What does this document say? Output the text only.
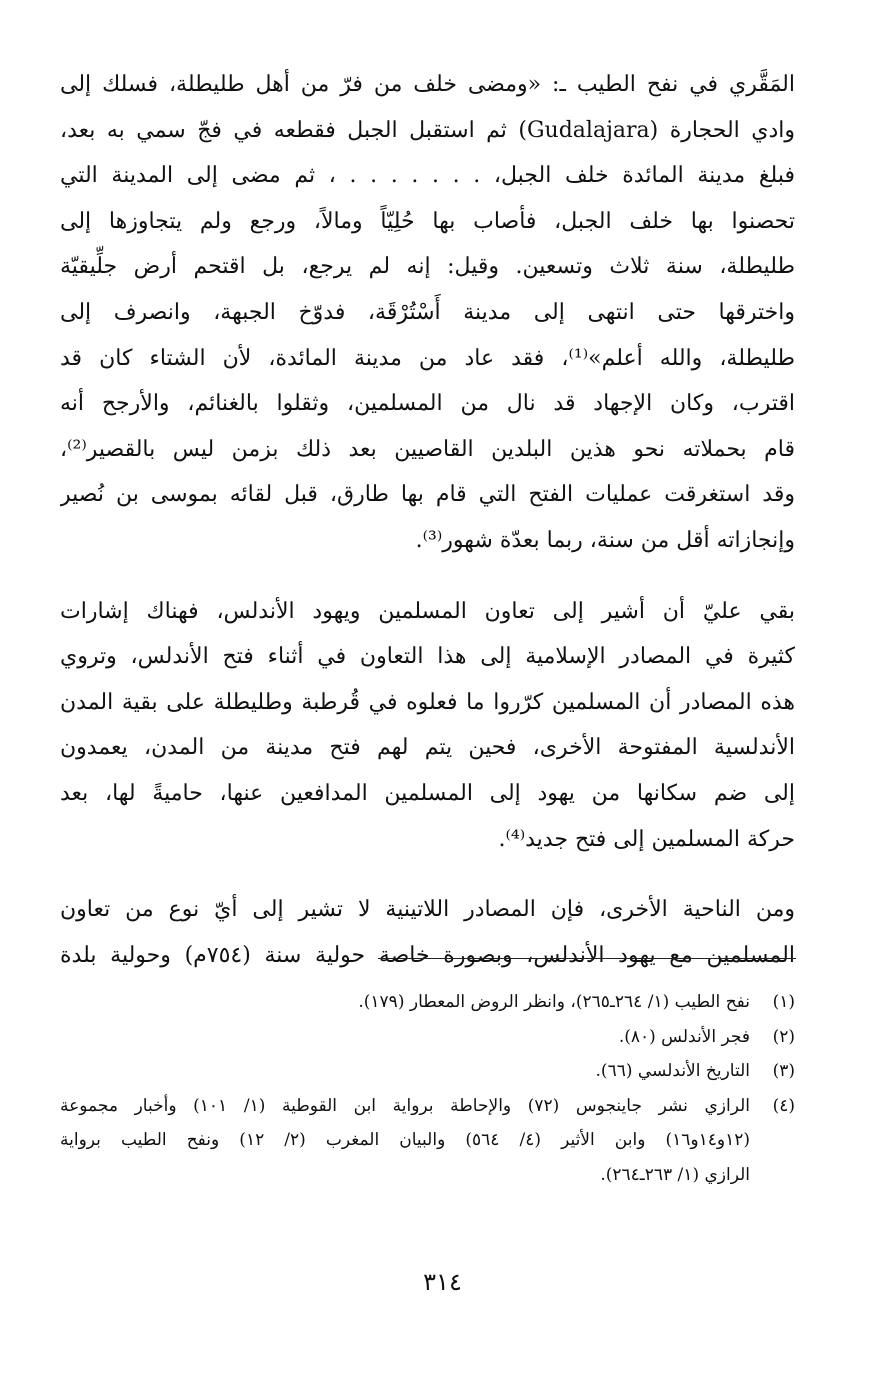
المَقَّري في نفح الطيب ـ: «ومضى خلف من فرّ من أهل طليطلة، فسلك إلى
وادي الحجارة (Gudalajara) ثم استقبل الجبل فقطعه في فجّ سمي به بعد،
فبلغ مدينة المائدة خلف الجبل، . . . . . . . ، ثم مضى إلى المدينة التي
تحصنوا بها خلف الجبل، فأصاب بها حُلِيّاً ومالاً، ورجع ولم يتجاوزها إلى
طليطلة، سنة ثلاث وتسعين. وقيل: إنه لم يرجع، بل اقتحم أرض جلِّيقيّة
واخترقها حتى انتهى إلى مدينة أَسْتُرْقَة، فدوّخ الجبهة، وانصرف إلى
طليطلة، والله أعلم»⁽¹⁾، فقد عاد من مدينة المائدة، لأن الشتاء كان قد
اقترب، وكان الإجهاد قد نال من المسلمين، وثقلوا بالغنائم، والأرجح أنه
قام بحملاته نحو هذين البلدين القاصيين بعد ذلك بزمن ليس بالقصير⁽²⁾،
وقد استغرقت عمليات الفتح التي قام بها طارق، قبل لقائه بموسى بن نُصير
وإنجازاته أقل من سنة، ربما بعدّة شهور⁽³⁾.
بقي عليّ أن أشير إلى تعاون المسلمين ويهود الأندلس، فهناك إشارات
كثيرة في المصادر الإسلامية إلى هذا التعاون في أثناء فتح الأندلس، وتروي
هذه المصادر أن المسلمين كرّروا ما فعلوه في قُرطبة وطليطلة على بقية المدن
الأندلسية المفتوحة الأخرى، فحين يتم لهم فتح مدينة من المدن، يعمدون
إلى ضم سكانها من يهود إلى المسلمين المدافعين عنها، حاميةً لها، بعد
حركة المسلمين إلى فتح جديد⁽⁴⁾.
ومن الناحية الأخرى، فإن المصادر اللاتينية لا تشير إلى أيّ نوع من تعاون
المسلمين مع يهود الأندلس، وبصورة خاصة حولية سنة (٧٥٤م) وحولية بلدة
(١)
نفح الطيب (١/ ٢٦٤ـ٢٦٥)، وانظر الروض المعطار (١٧٩).
(٢)
فجر الأندلس (٨٠).
(٣)
التاريخ الأندلسي (٦٦).
(٤)
الرازي نشر جاينجوس (٧٢) والإحاطة برواية ابن القوطية (١/ ١٠١) وأخبار مجموعة
(١٢و١٤و١٦) وابن الأثير (٤/ ٥٦٤) والبيان المغرب (٢/ ١٢) ونفح الطيب برواية
الرازي (١/ ٢٦٣ـ٢٦٤).
٣١٤
